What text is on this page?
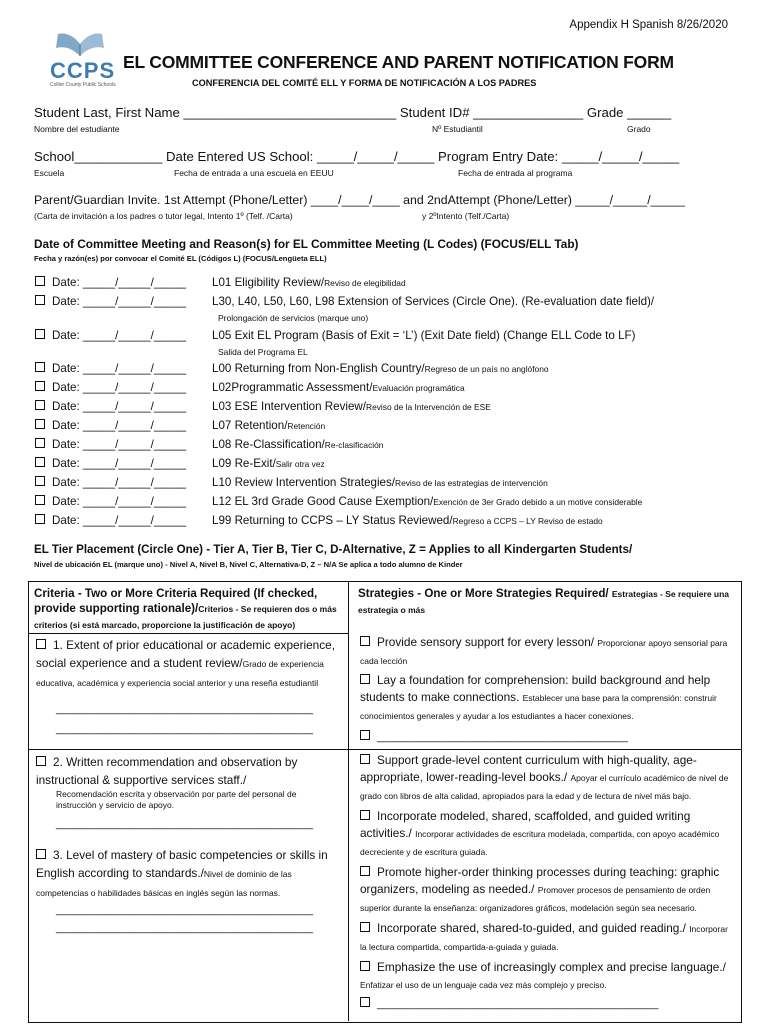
Appendix H Spanish 8/26/2020
CCPS
Collier County Public Schools
EL COMMITTEE CONFERENCE AND PARENT NOTIFICATION FORM
CONFERENCIA DEL COMITÉ ELL Y FORMA DE NOTIFICACIÓN A LOS PADRES
Student Last, First Name _____________________________ Student ID# _______________ Grade ______
Nombre del estudiante	Nº Estudiantil	Grado
School____________ Date Entered US School: _____/_____/_____ Program Entry Date: _____/_____/_____
Escuela	Fecha de entrada a una escuela en EEUU	Fecha de entrada al programa
Parent/Guardian Invite. 1st Attempt (Phone/Letter) ____/____/____ and 2ndAttempt (Phone/Letter) _____/_____/_____
(Carta de invitación a los padres o tutor legal, Intento 1º (Telf. /Carta)	y 2ºIntento (Telf./Carta)
Date of Committee Meeting and Reason(s) for EL Committee Meeting (L Codes) (FOCUS/ELL Tab)
Fecha y razón(es) por convocar el Comité EL (Códigos L) (FOCUS/Lengüeta ELL)
Date: _____/_____/_____ L01 Eligibility Review/Reviso de elegibilidad
Date: _____/_____/_____ L30, L40, L50, L60, L98 Extension of Services (Circle One). (Re-evaluation date field)/
Prolongación de servicios (marque uno)
Date: _____/_____/_____ L05 Exit EL Program (Basis of Exit = ‘L’) (Exit Date field) (Change ELL Code to LF)
Salida del Programa EL
Date: _____/_____/_____ L00 Returning from Non-English Country/Regreso de un país no anglófono
Date: _____/_____/_____ L02Programmatic Assessment/Evaluación programática
Date: _____/_____/_____ L03 ESE Intervention Review/Reviso de la Intervención de ESE
Date: _____/_____/_____ L07 Retention/Retención
Date: _____/_____/_____ L08 Re-Classification/Re-clasificación
Date: _____/_____/_____ L09 Re-Exit/Salir otra vez
Date: _____/_____/_____ L10 Review Intervention Strategies/Reviso de las estrategias de intervención
Date: _____/_____/_____ L12 EL 3rd Grade Good Cause Exemption/Exención de 3er Grado debido a un motive considerable
Date: _____/_____/_____ L99 Returning to CCPS – LY Status Reviewed/Regreso a CCPS – LY Reviso de estado
EL Tier Placement (Circle One) - Tier A, Tier B, Tier C, D-Alternative, Z = Applies to all Kindergarten Students/
Nivel de ubicación EL (marque uno) - Nivel A, Nivel B, Nivel C, Alternativa-D, Z – N/A Se aplica a todo alumno de Kinder
Criteria - Two or More Criteria Required (If checked, provide supporting rationale)/Criterios - Se requieren dos o más criterios (si está marcado, proporcione la justificación de apoyo)
1. Extent of prior educational or academic experience, social experience and a student review/Grado de experiencia educativa, académica y experiencia social anterior y una reseña estudiantil
__________________________________________
__________________________________________
2. Written recommendation and observation by instructional & supportive services staff./
Recomendación escrita y observación por parte del personal de instrucción y servicio de apoyo.
__________________________________________
3. Level of mastery of basic competencies or skills in English according to standards./Nivel de dominio de las competencias o habilidades básicas en inglés según las normas.
__________________________________________
__________________________________________
Strategies - One or More Strategies Required/ Estrategias - Se requiere una estrategia o más
Provide sensory support for every lesson/ Proporcionar apoyo sensorial para cada lección
Lay a foundation for comprehension: build background and help students to make connections. Establecer una base para la comprensión: construir conocimientos generales y ayudar a los estudiantes a hacer conexiones.
_________________________________________
Support grade-level content curriculum with high-quality, age-appropriate, lower-reading-level books./ Apoyar el currículo académico de nivel de grado con libros de alta calidad, apropiados para la edad y de lectura de nivel más bajo.
Incorporate modeled, shared, scaffolded, and guided writing activities./ Incorporar actividades de escritura modelada, compartida, con apoyo académico decreciente y de escritura guiada.
Promote higher-order thinking processes during teaching: graphic organizers, modeling as needed./ Promover procesos de pensamiento de orden superior durante la enseñanza: organizadores gráficos, modelación según sea necesario.
Incorporate shared, shared-to-guided, and guided reading./ Incorporar la lectura compartida, compartida-a-guiada y guiada.
Emphasize the use of increasingly complex and precise language./ Enfatizar el uso de un lenguaje cada vez más complejo y preciso.
______________________________________________
